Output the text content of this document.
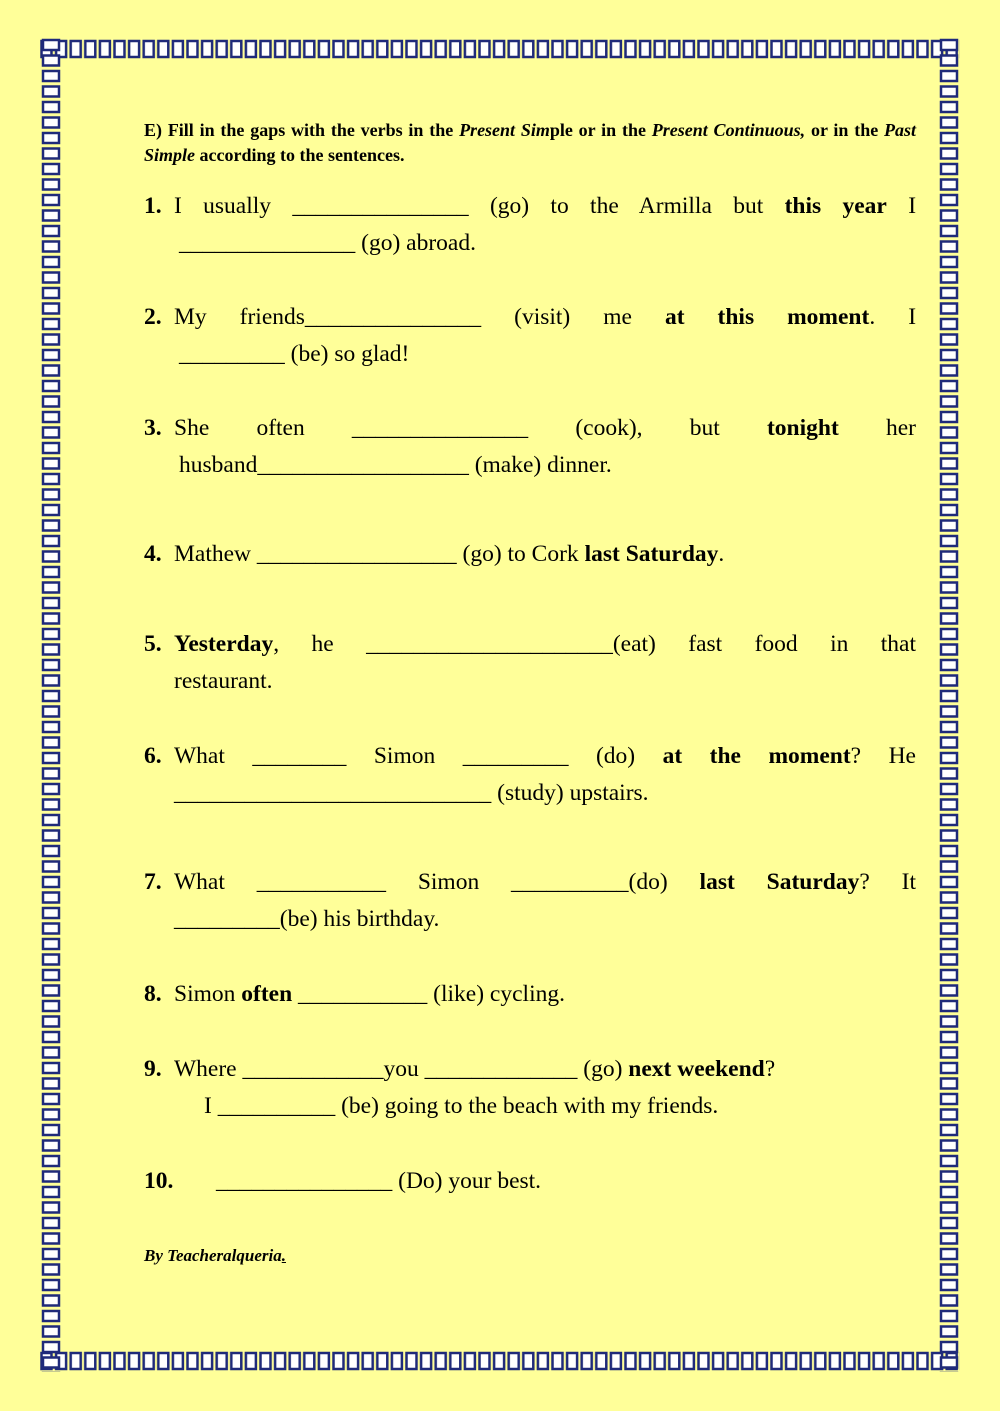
E) Fill in the gaps with the verbs in the Present Simple or in the Present Continuous, or in the Past Simple according to the sentences.

1. I usually _______________ (go) to the Armilla but this year I
_______________ (go) abroad.
2. My friends_______________ (visit) me at this moment. I
_________ (be) so glad!
3. She often _______________ (cook), but tonight her
husband__________________ (make) dinner.
4. Mathew _________________ (go) to Cork last Saturday.
5. Yesterday, he _____________________(eat) fast food in that
restaurant.
6. What ________ Simon _________ (do) at the moment? He
___________________________ (study) upstairs.
7. What ___________ Simon __________(do) last Saturday? It
_________(be) his birthday.
8. Simon often ___________ (like) cycling.
9. Where ____________you _____________ (go) next weekend?
I __________ (be) going to the beach with my friends.
10.	_______________ (Do) your best.
By Teacheralqueria.
